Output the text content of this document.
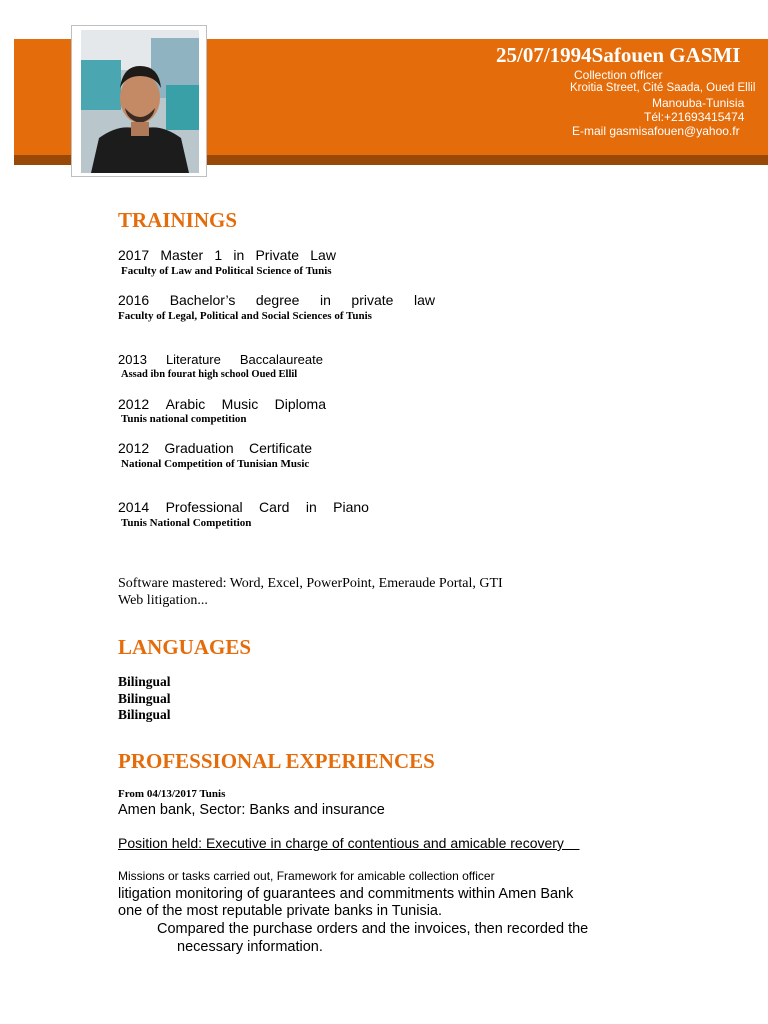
25/07/1994Safouen GASMI
Collection officer
Kroitia Street, Cité Saada, Oued Ellil
Manouba-Tunisia
Tél:+21693415474
E-mail gasmisafouen@yahoo.fr
TRAININGS
2017 Master 1 in Private Law
Faculty of Law and Political Science of Tunis
2016 Bachelor’s degree in private law
Faculty of Legal, Political and Social Sciences of Tunis
2013 Literature Baccalaureate
Assad ibn fourat high school Oued Ellil
2012 Arabic Music Diploma
Tunis national competition
2012 Graduation Certificate
National Competition of Tunisian Music
2014 Professional Card in Piano
Tunis National Competition
Software mastered: Word, Excel, PowerPoint, Emeraude Portal, GTI
Web litigation...
LANGUAGES
Bilingual
Bilingual
Bilingual
PROFESSIONAL EXPERIENCES
From 04/13/2017 Tunis
Amen bank, Sector: Banks and insurance
Position held: Executive in charge of contentious and amicable recovery
Missions or tasks carried out, Framework for amicable collection officer
litigation monitoring of guarantees and commitments within Amen Bank
one of the most reputable private banks in Tunisia.
Compared the purchase orders and the invoices, then recorded the
necessary information.
